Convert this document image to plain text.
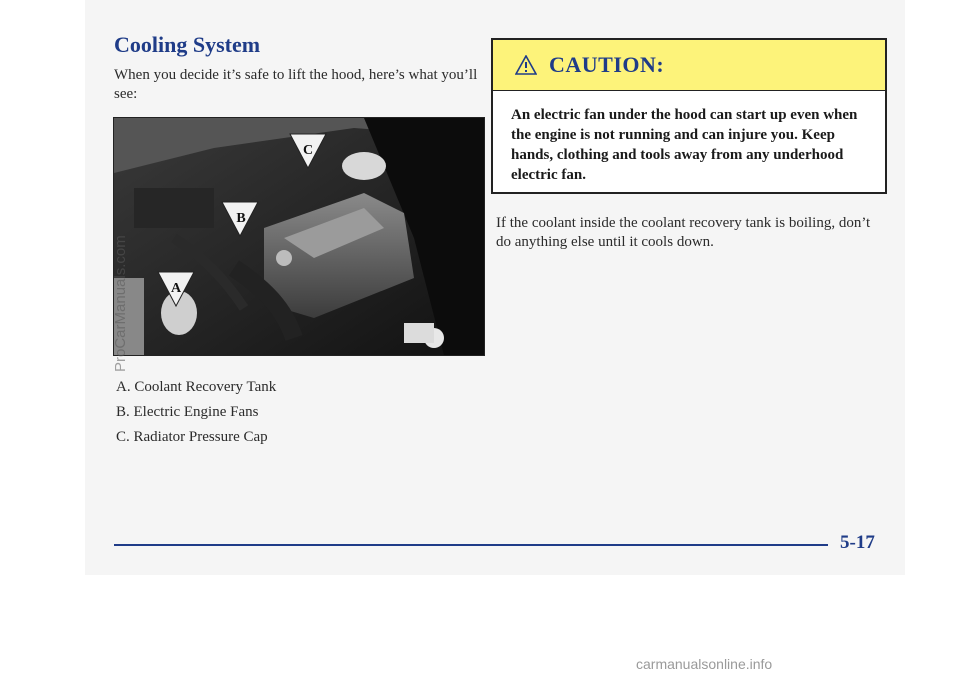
Cooling System
When you decide it’s safe to lift the hood, here’s what you’ll see:
C
B
A
ProCarManuals.com
A. Coolant Recovery Tank
B. Electric Engine Fans
C. Radiator Pressure Cap
CAUTION:
An electric fan under the hood can start up even when the engine is not running and can injure you. Keep hands, clothing and tools away from any underhood electric fan.
If the coolant inside the coolant recovery tank is boiling, don’t do anything else until it cools down.
5-17
carmanualsonline.info
